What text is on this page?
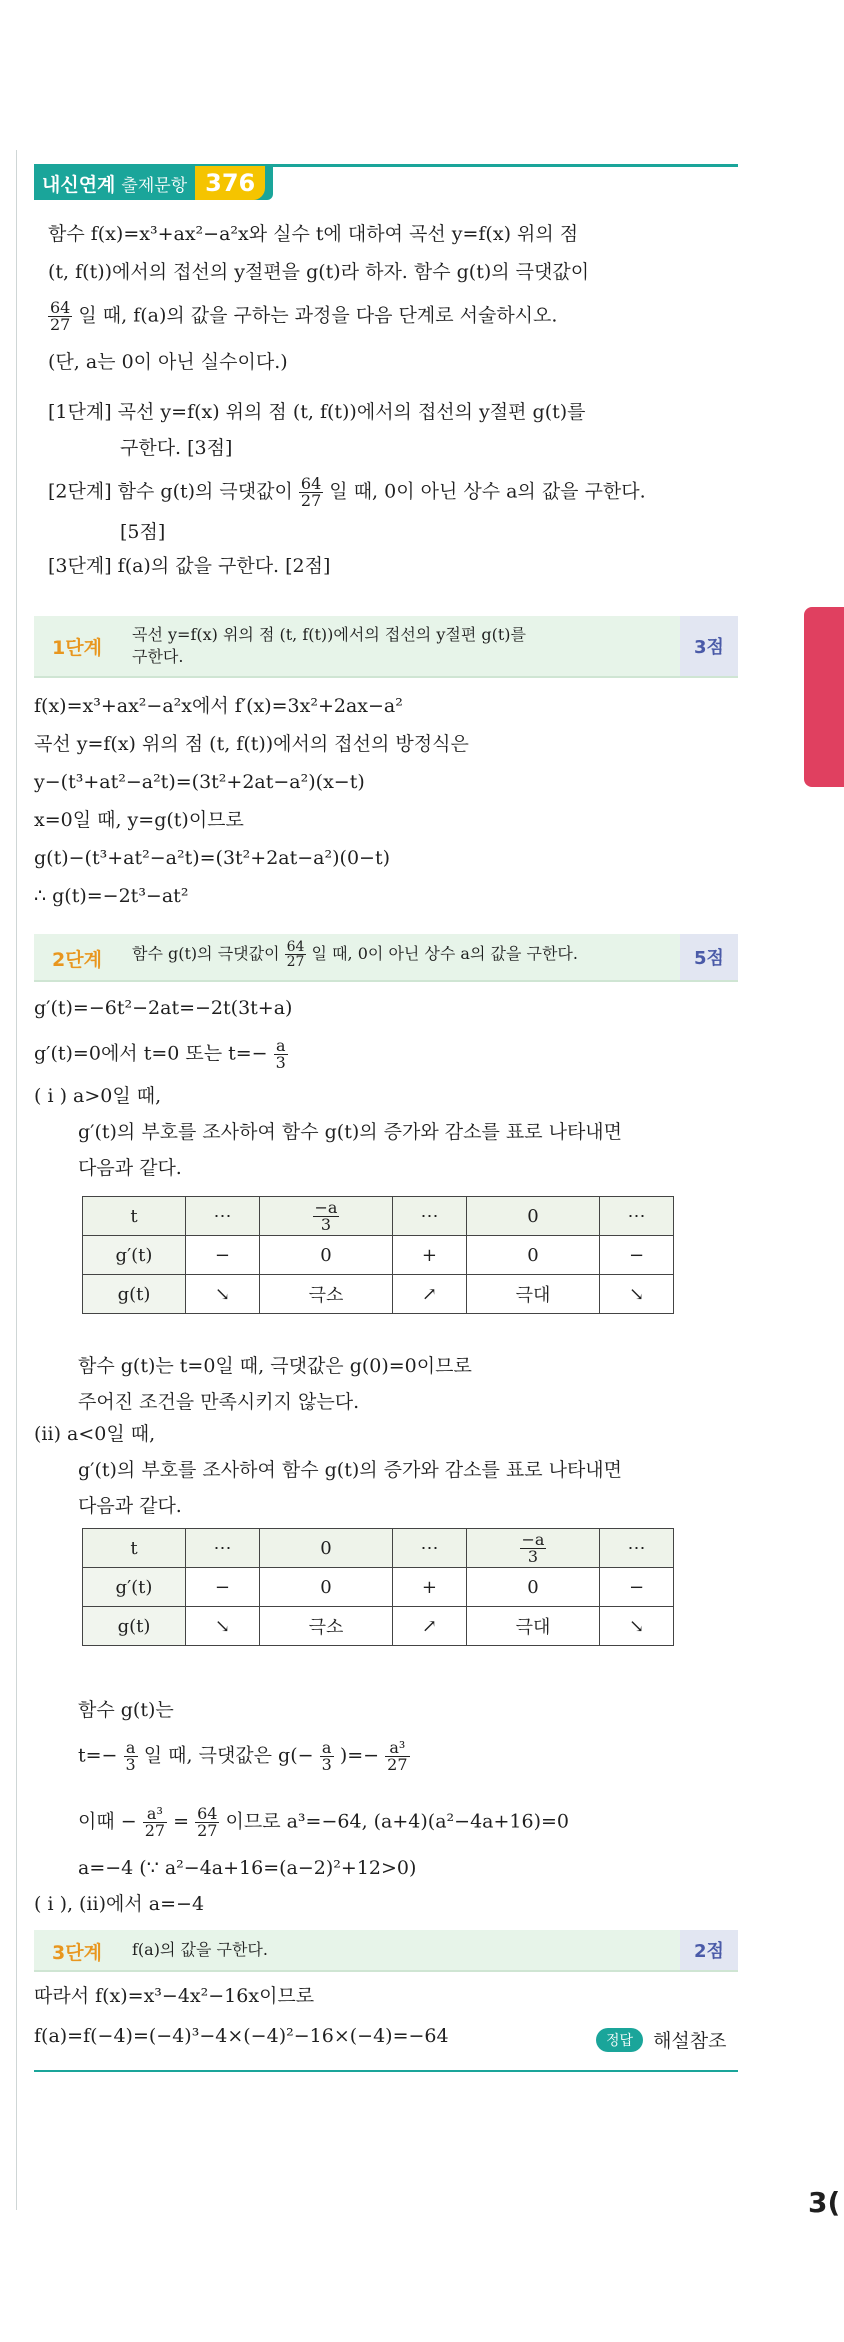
내신연계 출제문항 376
함수 f(x)=x³+ax²−a²x와 실수 t에 대하여 곡선 y=f(x) 위의 점
(t, f(t))에서의 접선의 y절편을 g(t)라 하자. 함수 g(t)의 극댓값이
$\frac{64}{27}$ 일 때, f(a)의 값을 구하는 과정을 다음 단계로 서술하시오.
(단, a는 0이 아닌 실수이다.)
[1단계] 곡선 y=f(x) 위의 점 (t, f(t))에서의 접선의 y절편 g(t)를
구한다. [3점]
[2단계] 함수 g(t)의 극댓값이 $\frac{64}{27}$ 일 때, 0이 아닌 상수 a의 값을 구한다.
[5점]
[3단계] f(a)의 값을 구한다. [2점]
1단계
곡선 y=f(x) 위의 점 (t, f(t))에서의 접선의 y절편 g(t)를
구한다.	3점
f(x)=x³+ax²−a²x에서 f′(x)=3x²+2ax−a²
곡선 y=f(x) 위의 점 (t, f(t))에서의 접선의 방정식은
y−(t³+at²−a²t)=(3t²+2at−a²)(x−t)
x=0일 때, y=g(t)이므로
g(t)−(t³+at²−a²t)=(3t²+2at−a²)(0−t)
∴ g(t)=−2t³−at²
2단계 함수 g(t)의 극댓값이 $\frac{64}{27}$ 일 때, 0이 아닌 상수 a의 값을 구한다.	5점
g′(t)=−6t²−2at=−2t(3t+a)
g′(t)=0에서 t=0 또는 $t=- \frac{a}{3}$
( i ) a>0일 때,
g′(t)의 부호를 조사하여 함수 g(t)의 증가와 감소를 표로 나타내면
다음과 같다.
t	⋯	$\frac{-a}{3}$	⋯	0	⋯
g′(t)	−	0	+	0	−
g(t)	↘	극소	↗	극대	↘
함수 g(t)는 t=0일 때, 극댓값은 g(0)=0이므로
주어진 조건을 만족시키지 않는다.
(ii) a<0일 때,
g′(t)의 부호를 조사하여 함수 g(t)의 증가와 감소를 표로 나타내면
다음과 같다.
t	⋯	0	⋯	$\frac{-a}{3}$	⋯
g′(t)	−	0	+	0	−
g(t)	↘	극소	↗	극대	↘
함수 g(t)는
$t=- \frac{a}{3}$ 일 때, 극댓값은 $g(- \frac{a}{3}$ )=− $\frac{\text{a³}}{27}$
이때 − $\frac{\text{a³}}{27} = \frac{64}{27}$ 이므로 a³=−64, (a+4)(a²−4a+16)=0
a=−4 (∵ a²−4a+16=(a−2)²+12>0)
( i ), (ii)에서 a=−4
3단계 f(a)의 값을 구한다.	2점
따라서 f(x)=x³−4x²−16x이므로
f(a)=f(−4)=(−4)³−4×(−4)²−16×(−4)=−64	정답	해설참조
3(
